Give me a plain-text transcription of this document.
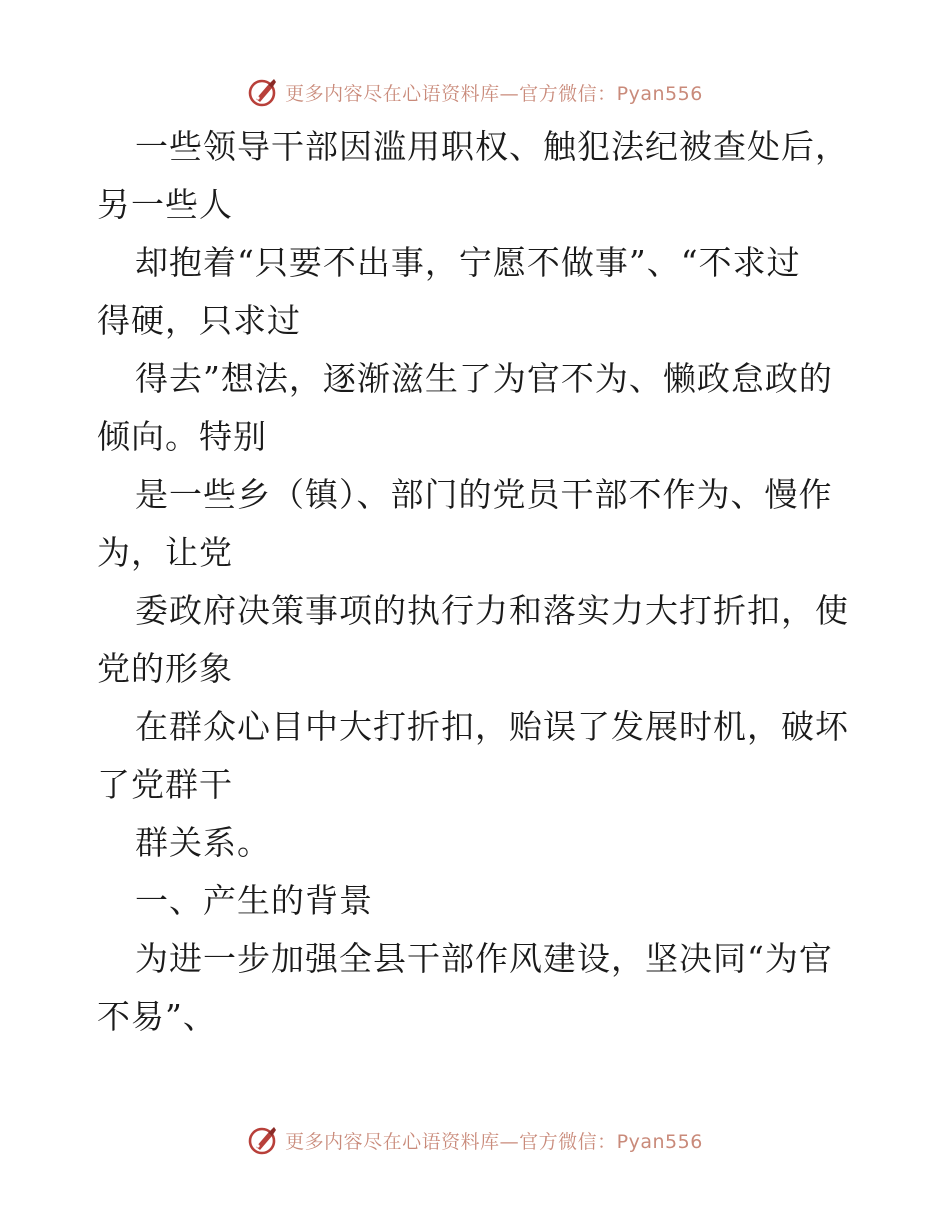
更多内容尽在心语资料库—官方微信：Pyan556
一些领导干部因滥用职权、触犯法纪被查处后，
另一些人
却抱着“只要不出事，宁愿不做事”、“不求过
得硬，只求过
得去”想法，逐渐滋生了为官不为、懒政怠政的
倾向。特别
是一些乡（镇）、部门的党员干部不作为、慢作
为，让党
委政府决策事项的执行力和落实力大打折扣，使
党的形象
在群众心目中大打折扣，贻误了发展时机，破坏
了党群干
群关系。
一、产生的背景
为进一步加强全县干部作风建设，坚决同“为官
不易”、
更多内容尽在心语资料库—官方微信：Pyan556
